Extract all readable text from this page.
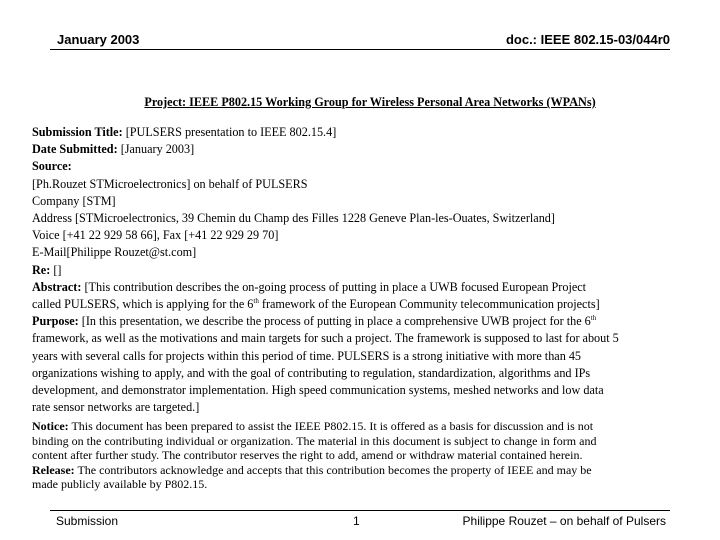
January 2003	doc.: IEEE 802.15-03/044r0
Project: IEEE P802.15 Working Group for Wireless Personal Area Networks (WPANs)
Submission Title: [PULSERS presentation to IEEE 802.15.4]
Date Submitted: [January 2003]
Source:
[Ph.Rouzet STMicroelectronics] on behalf of PULSERS
Company [STM]
Address [STMicroelectronics, 39 Chemin du Champ des Filles 1228 Geneve Plan-les-Ouates, Switzerland]
Voice [+41 22 929 58 66], Fax [+41 22 929 29 70]
E-Mail[Philippe Rouzet@st.com]
Re: []
Abstract: [This contribution describes the on-going process of putting in place a UWB focused European Project
called PULSERS, which is applying for the 6th framework of the European Community telecommunication projects]
Purpose: [In this presentation, we describe the process of putting in place a comprehensive UWB project for the 6th
framework, as well as the motivations and main targets for such a project. The framework is supposed to last for about 5
years with several calls for projects within this period of time. PULSERS is a strong initiative with more than 45
organizations wishing to apply, and with the goal of contributing to regulation, standardization, algorithms and IPs
development, and demonstrator implementation. High speed communication systems, meshed networks and low data
rate sensor networks are targeted.]
Notice: This document has been prepared to assist the IEEE P802.15. It is offered as a basis for discussion and is not
binding on the contributing individual or organization. The material in this document is subject to change in form and
content after further study. The contributor reserves the right to add, amend or withdraw material contained herein.
Release: The contributors acknowledge and accepts that this contribution becomes the property of IEEE and may be
made publicly available by P802.15.
Submission	1	Philippe Rouzet – on behalf of Pulsers
